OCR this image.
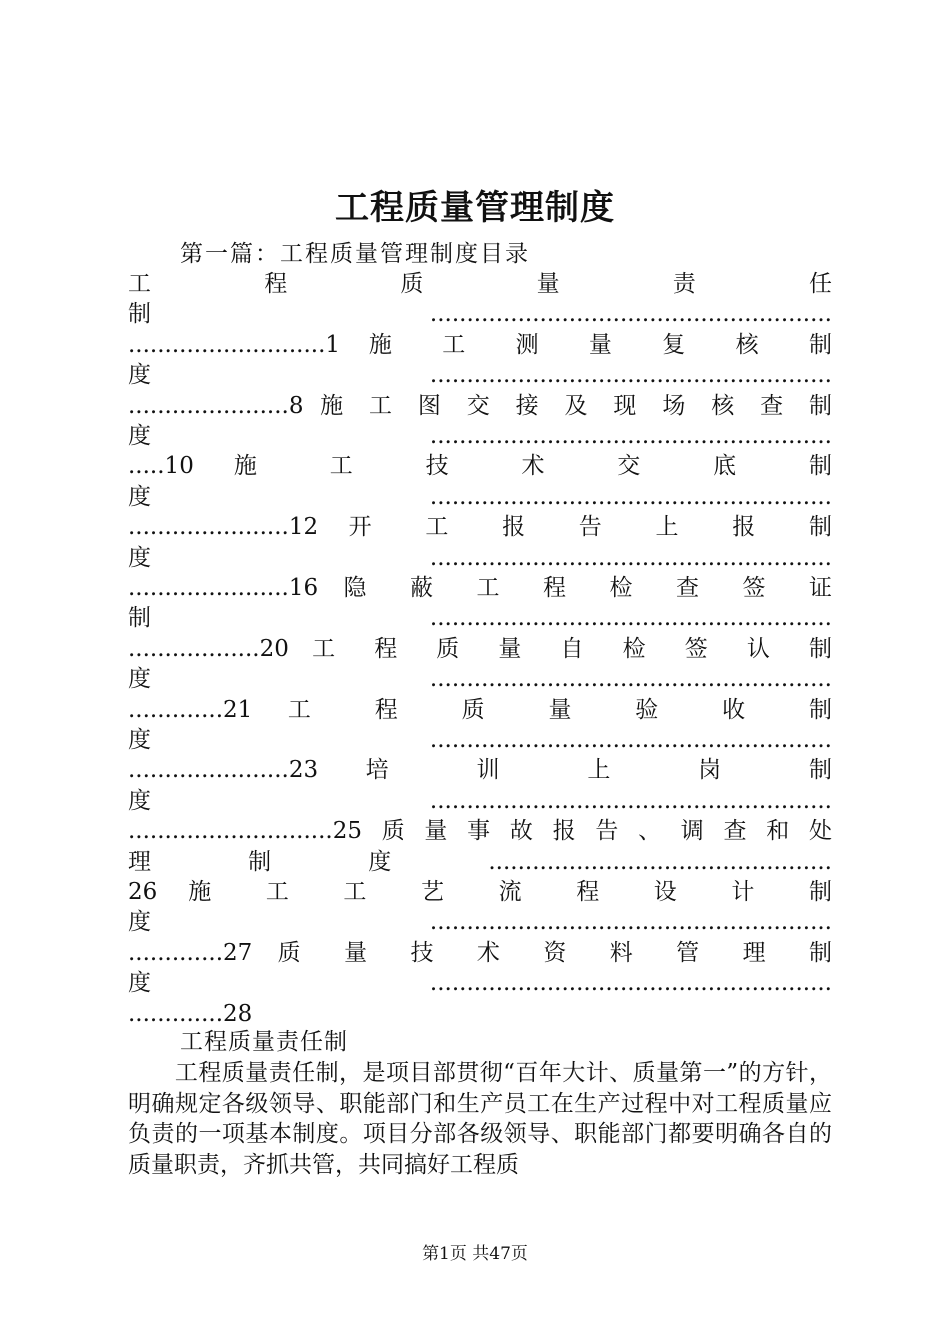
工程质量管理制度
第一篇：工程质量管理制度目录
工　程　质　量　责　任
制.......................................................
...........................1 施 工 测 量 复 核 制
度.......................................................
......................8 施 工 图 交 接 及 现 场 核 查 制
度.......................................................
.....10 施 工 技 术 交 底 制
度.......................................................
......................12 开 工 报 告 上 报 制
度.......................................................
......................16 隐 蔽 工 程 检 查 签 证
制.......................................................
..................20 工 程 质 量 自 检 签 认 制
度.......................................................
.............21 工 程 质 量 验 收 制
度.......................................................
......................23 培 训 上 岗 制
度.......................................................
............................25质量事故报告、调查和处
理制度...............................................
26 施 工 工 艺 流 程 设 计 制
度.......................................................
.............27 质 量 技 术 资 料 管 理 制
度.......................................................
.............28
工程质量责任制
　　工程质量责任制，是项目部贯彻“百年大计、质量第一”的方针，明确规定各级领导、职能部门和生产员工在生产过程中对工程质量应负责的一项基本制度。项目分部各级领导、职能部门都要明确各自的质量职责，齐抓共管，共同搞好工程质
第1页 共47页
